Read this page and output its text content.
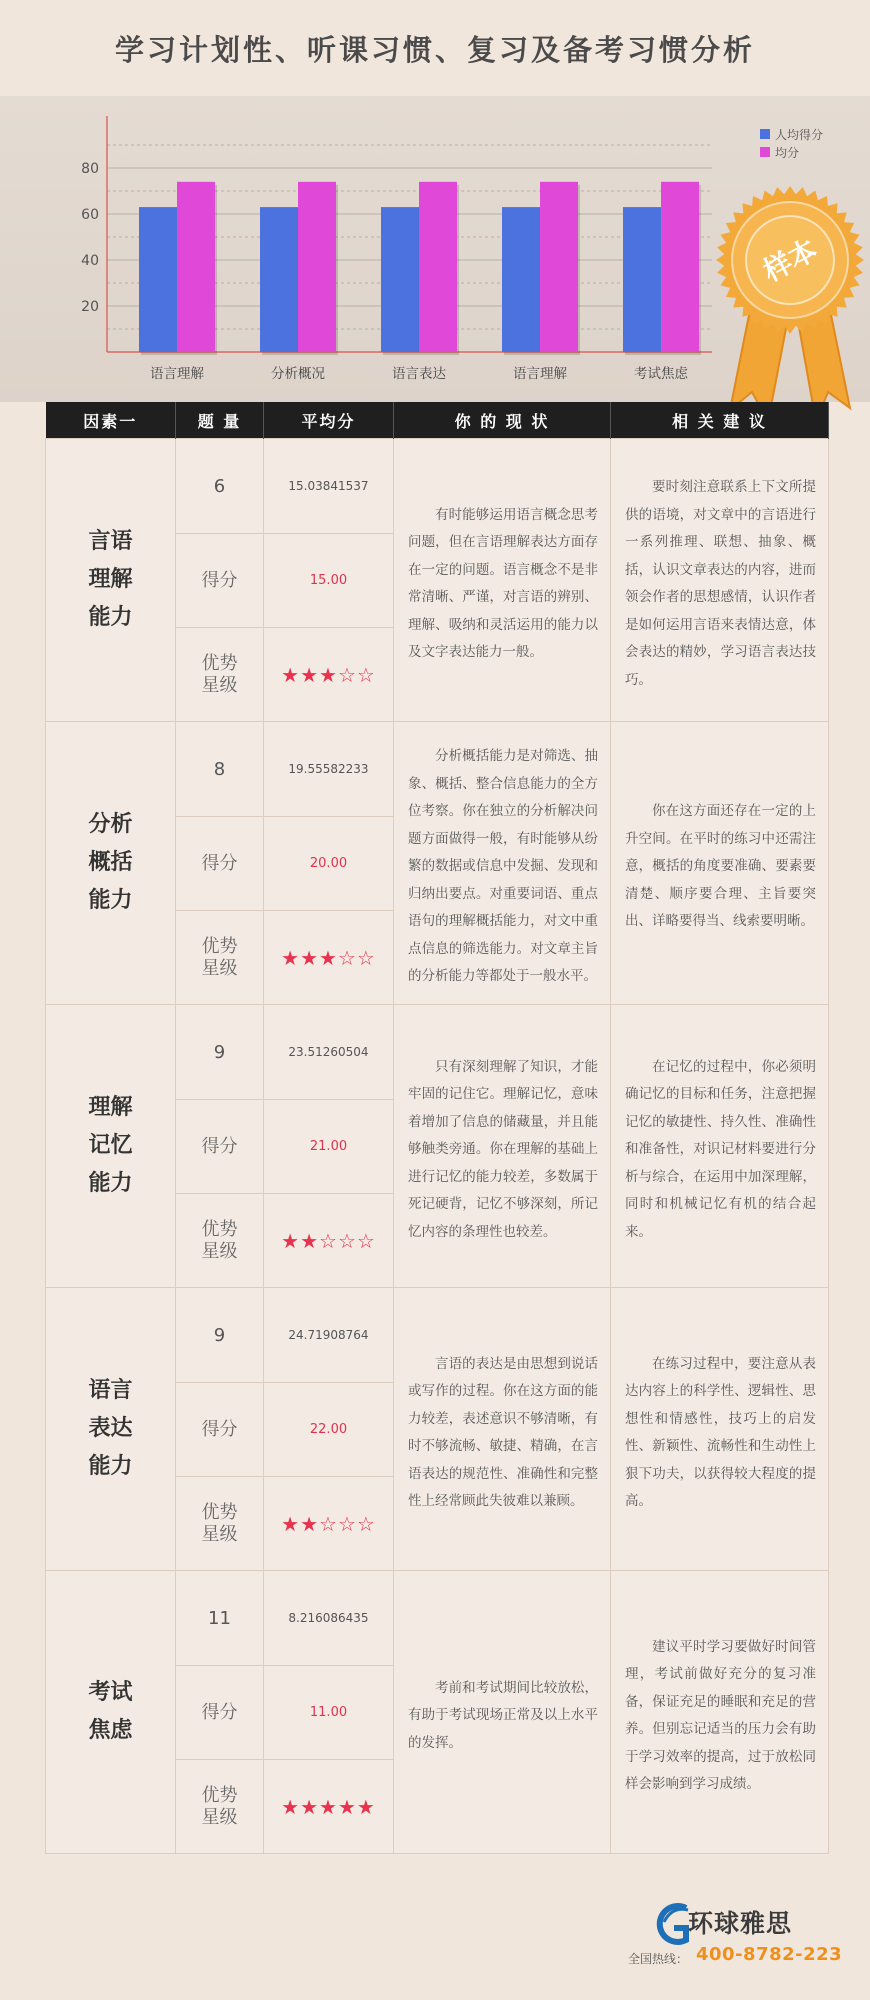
学习计划性、听课习惯、复习及备考习惯分析
20
40
60
80
语言理解	分析概况	语言表达	语言理解	考试焦虑
人均得分
均分
样本
因素一	题 量	平均分	你 的 现 状	相 关 建 议

言语理解能力	6	15.03841537	有时能够运用语言概念思考问题，但在言语理解表达方面存在一定的问题。语言概念不是非常清晰、严谨，对言语的辨别、理解、吸纳和灵活运用的能力以及文字表达能力一般。	要时刻注意联系上下文所提供的语境，对文章中的言语进行一系列推理、联想、抽象、概括，认识文章表达的内容，进而领会作者的思想感情，认识作者是如何运用言语来表情达意，体会表达的精妙，学习语言表达技巧。
	得分	15.00		

	优势星级	★★★☆☆		

分析概括能力	8	19.55582233	分析概括能力是对筛选、抽象、概括、整合信息能力的全方位考察。你在独立的分析解决问题方面做得一般，有时能够从纷繁的数据或信息中发掘、发现和归纳出要点。对重要词语、重点语句的理解概括能力，对文中重点信息的筛选能力。对文章主旨的分析能力等都处于一般水平。	你在这方面还存在一定的上升空间。在平时的练习中还需注意，概括的角度要准确、要素要清楚、顺序要合理、主旨要突出、详略要得当、线索要明晰。
	得分	20.00		

	优势星级	★★★☆☆		

理解记忆能力	9	23.51260504	只有深刻理解了知识，才能牢固的记住它。理解记忆，意味着增加了信息的储藏量，并且能够触类旁通。你在理解的基础上进行记忆的能力较差，多数属于死记硬背，记忆不够深刻，所记忆内容的条理性也较差。	在记忆的过程中，你必须明确记忆的目标和任务，注意把握记忆的敏捷性、持久性、准确性和准备性，对识记材料要进行分析与综合，在运用中加深理解，同时和机械记忆有机的结合起来。
	得分	21.00		

	优势星级	★★☆☆☆		

语言表达能力	9	24.71908764	言语的表达是由思想到说话或写作的过程。你在这方面的能力较差，表述意识不够清晰，有时不够流畅、敏捷、精确，在言语表达的规范性、准确性和完整性上经常顾此失彼难以兼顾。	在练习过程中，要注意从表达内容上的科学性、逻辑性、思想性和情感性，技巧上的启发性、新颖性、流畅性和生动性上狠下功夫，以获得较大程度的提高。
	得分	22.00		

	优势星级	★★☆☆☆		

考试焦虑	11	8.216086435	考前和考试期间比较放松，有助于考试现场正常及以上水平的发挥。	建议平时学习要做好时间管理，考试前做好充分的复习准备，保证充足的睡眠和充足的营养。但别忘记适当的压力会有助于学习效率的提高，过于放松同样会影响到学习成绩。
	得分	11.00		

	优势星级	★★★★★		
环球雅思
全国热线： 400-8782-223
